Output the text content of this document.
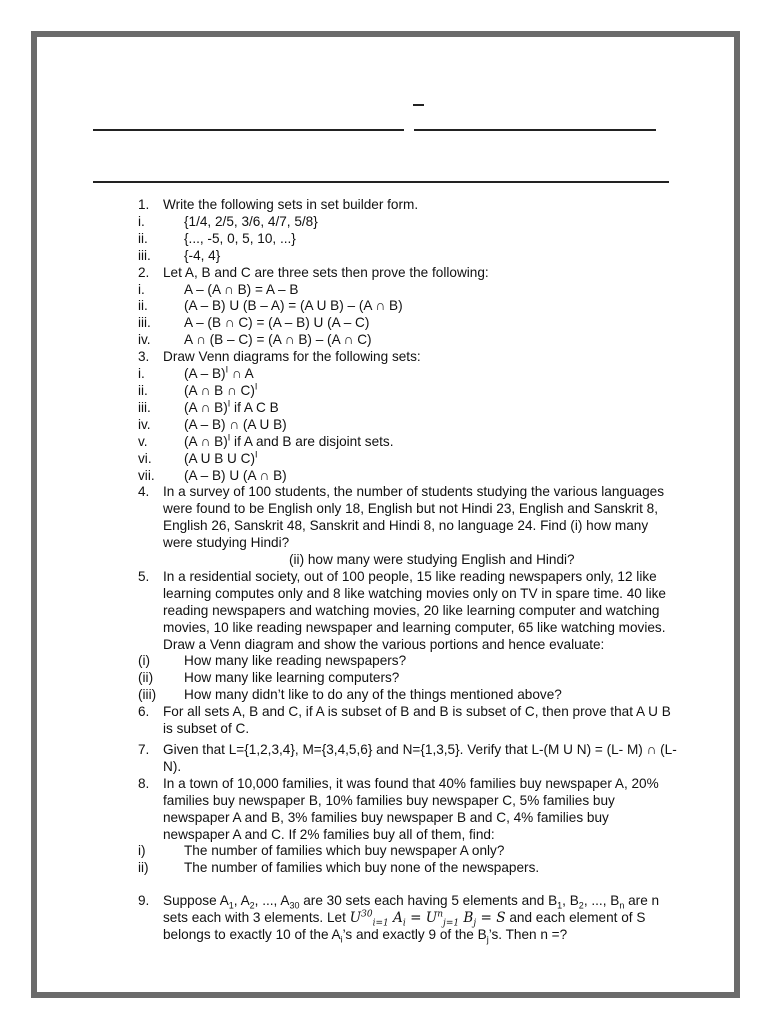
1. Write the following sets in set builder form.
i.	{1/4, 2/5, 3/6, 4/7, 5/8}
ii.	{..., -5, 0, 5, 10, ...}
iii. {-4, 4}
2. Let A, B and C are three sets then prove the following:
i.	A – (A ∩ B) = A – B
ii.	(A – B) U (B – A) = (A U B) – (A ∩ B)
iii. A – (B ∩ C) = (A – B) U (A – C)
iv. A ∩ (B – C) = (A ∩ B) – (A ∩ C)
3. Draw Venn diagrams for the following sets:
i.	(A – B)$^I$ ∩ A
ii.	(A ∩ B ∩ C)$^I$
iii. (A ∩ B)$^I$ if A C B
iv. (A – B) ∩ (A U B)
v.	(A ∩ B)$^I$ if A and B are disjoint sets.
vi. (A U B U C)$^I$
vii. (A – B) U (A ∩ B)
4. In a survey of 100 students, the number of students studying the various languages were found to be English only 18, English but not Hindi 23, English and Sanskrit 8, English 26, Sanskrit 48, Sanskrit and Hindi 8, no language 24. Find (i) how many were studying Hindi?
(ii) how many were studying English and Hindi?
5. In a residential society, out of 100 people, 15 like reading newspapers only, 12 like learning computes only and 8 like watching movies only on TV in spare time. 40 like reading newspapers and watching movies, 20 like learning computer and watching movies, 10 like reading newspaper and learning computer, 65 like watching movies. Draw a Venn diagram and show the various portions and hence evaluate:
(i) How many like reading newspapers?
(ii) How many like learning computers?
(iii) How many didn’t like to do any of the things mentioned above?
6. For all sets A, B and C, if A is subset of B and B is subset of C, then prove that A U B is subset of C.
7. Given that L={1,2,3,4}, M={3,4,5,6} and N={1,3,5}. Verify that L-(M U N) = (L- M) ∩ (L- N).
8. In a town of 10,000 families, it was found that 40% families buy newspaper A, 20% families buy newspaper B, 10% families buy newspaper C, 5% families buy newspaper A and B, 3% families buy newspaper B and C, 4% families buy newspaper A and C. If 2% families buy all of them, find:
i)	The number of families which buy newspaper A only?
ii)	The number of families which buy none of the newspapers.
9. Suppose $A_1$, $A_2$, ..., $A_{30}$ are 30 sets each having 5 elements and $B_1$, $B_2$, ..., $B_n$ are n sets each with 3 elements. Let $U^{30}_{i=1}$ $A_i = U^n_{j=1}$ $B_j = S$ and each element of S belongs to exactly 10 of the $A_i’s$ and exactly 9 of the $B_j’s$. Then n =?
